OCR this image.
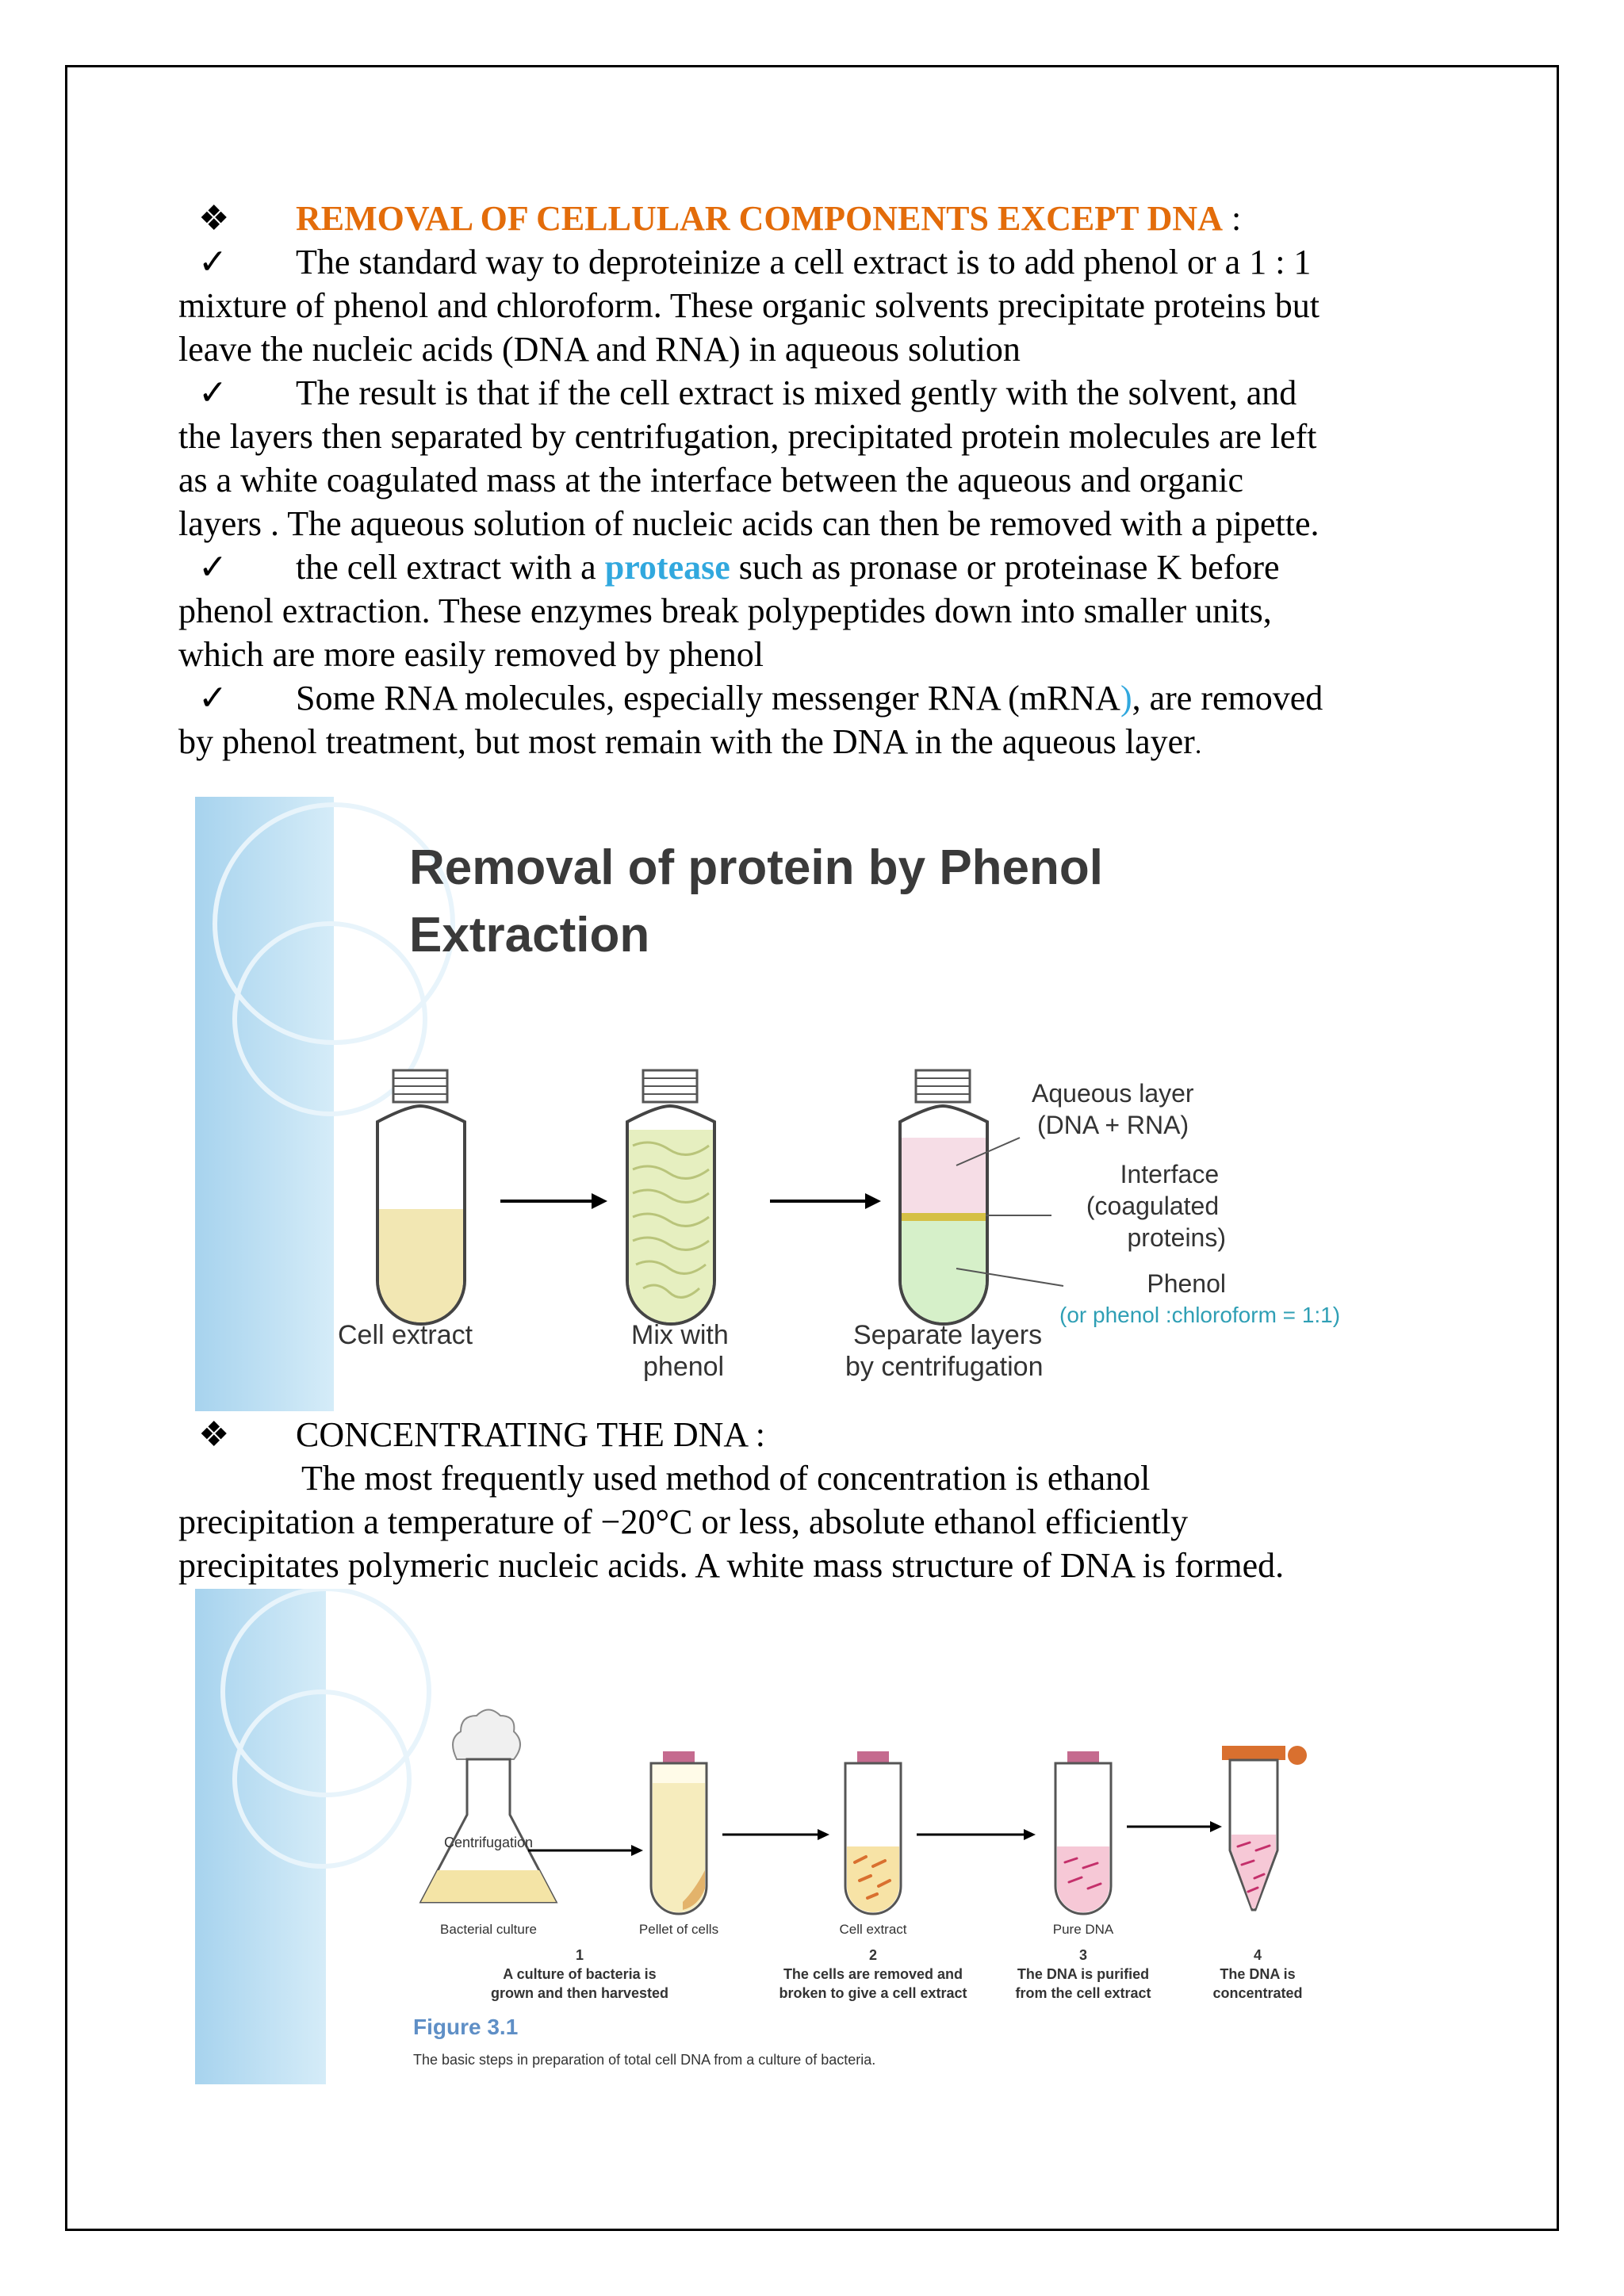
❖ REMOVAL OF CELLULAR COMPONENTS EXCEPT DNA :
✓ The standard way to deproteinize a cell extract is to add phenol or a 1 : 1
mixture of phenol and chloroform. These organic solvents precipitate proteins but
leave the nucleic acids (DNA and RNA) in aqueous solution
✓ The result is that if the cell extract is mixed gently with the solvent, and
the layers then separated by centrifugation, precipitated protein molecules are left
as a white coagulated mass at the interface between the aqueous and organic
layers . The aqueous solution of nucleic acids can then be removed with a pipette.
✓ the cell extract with a protease such as pronase or proteinase K before
phenol extraction. These enzymes break polypeptides down into smaller units,
which are more easily removed by phenol
✓ Some RNA molecules, especially messenger RNA (mRNA), are removed
by phenol treatment, but most remain with the DNA in the aqueous layer.
Removal of protein by Phenol Extraction
Cell extract	Mix with phenol
Separate layers by centrifugation
Aqueous layer (DNA + RNA)
Interface (coagulated proteins)
Phenol
(or phenol :chloroform = 1:1)
❖ CONCENTRATING THE DNA :
The most frequently used method of concentration is ethanol
precipitation a temperature of −20°C or less, absolute ethanol efficiently
precipitates polymeric nucleic acids. A white mass structure of DNA is formed.
Centrifugation
Bacterial culture	Pellet of cells	Cell extract	Pure DNA
1
A culture of bacteria is
grown and then harvested
2
The cells are removed and
broken to give a cell extract
3
The DNA is purified
from the cell extract
4
The DNA is
concentrated
Figure 3.1
The basic steps in preparation of total cell DNA from a culture of bacteria.
